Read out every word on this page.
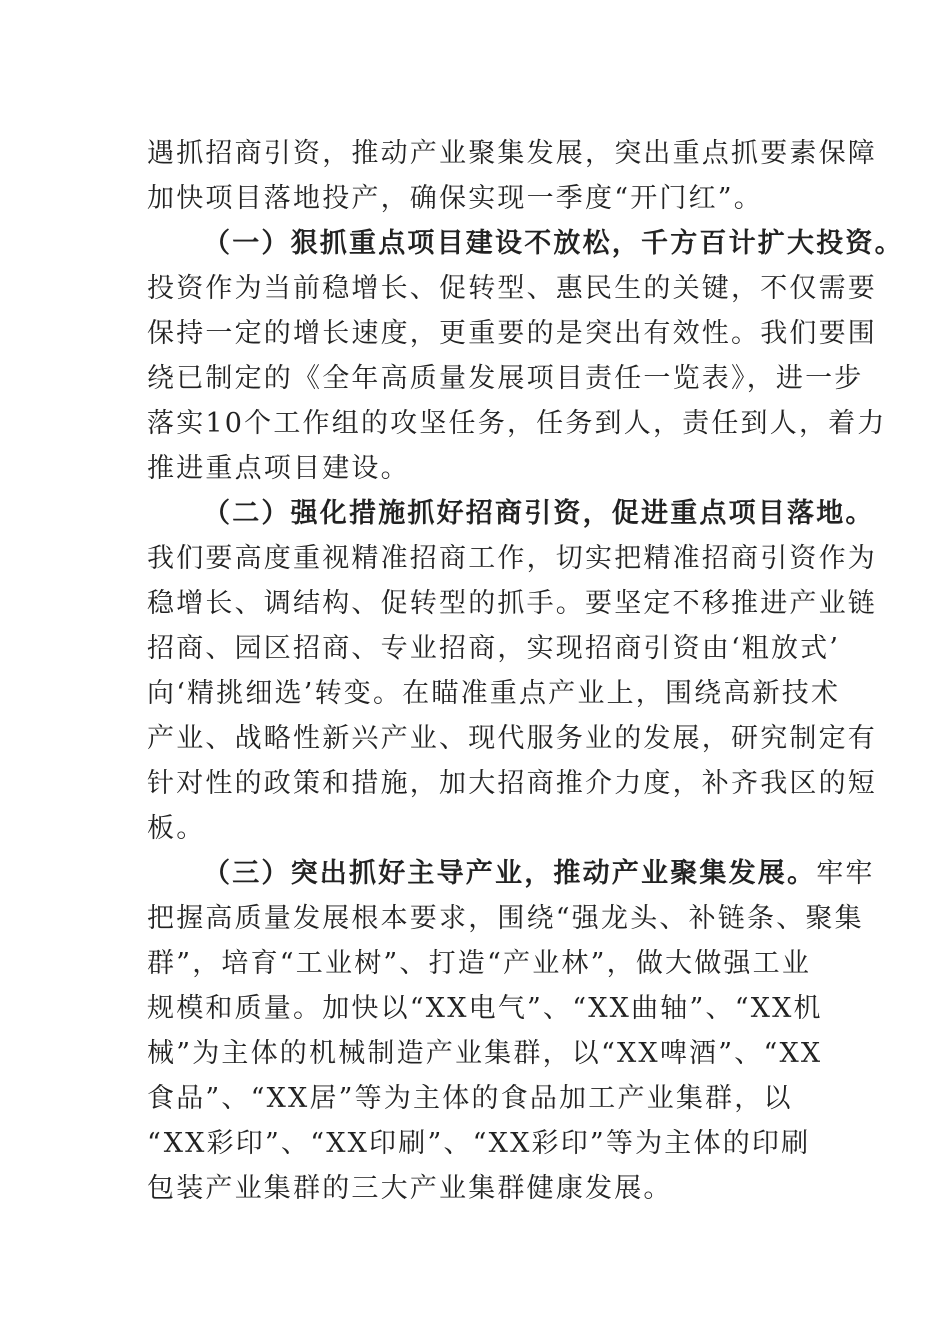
遇抓招商引资，推动产业聚集发展，突出重点抓要素保障
加快项目落地投产，确保实现一季度“开门红”。
（一）狠抓重点项目建设不放松，千方百计扩大投资。
投资作为当前稳增长、促转型、惠民生的关键，不仅需要
保持一定的增长速度，更重要的是突出有效性。我们要围
绕已制定的《全年高质量发展项目责任一览表》，进一步
落实10个工作组的攻坚任务，任务到人，责任到人，着力
推进重点项目建设。
（二）强化措施抓好招商引资，促进重点项目落地。
我们要高度重视精准招商工作，切实把精准招商引资作为
稳增长、调结构、促转型的抓手。要坚定不移推进产业链
招商、园区招商、专业招商，实现招商引资由‘粗放式’
向‘精挑细选’转变。在瞄准重点产业上，围绕高新技术
产业、战略性新兴产业、现代服务业的发展，研究制定有
针对性的政策和措施，加大招商推介力度，补齐我区的短
板。
（三）突出抓好主导产业，推动产业聚集发展。牢牢
把握高质量发展根本要求，围绕“强龙头、补链条、聚集
群”，培育“工业树”、打造“产业林”，做大做强工业
规模和质量。加快以“XX电气”、“XX曲轴”、“XX机
械”为主体的机械制造产业集群，以“XX啤酒”、“XX
食品”、“XX居”等为主体的食品加工产业集群，以
“XX彩印”、“XX印刷”、“XX彩印”等为主体的印刷
包装产业集群的三大产业集群健康发展。
